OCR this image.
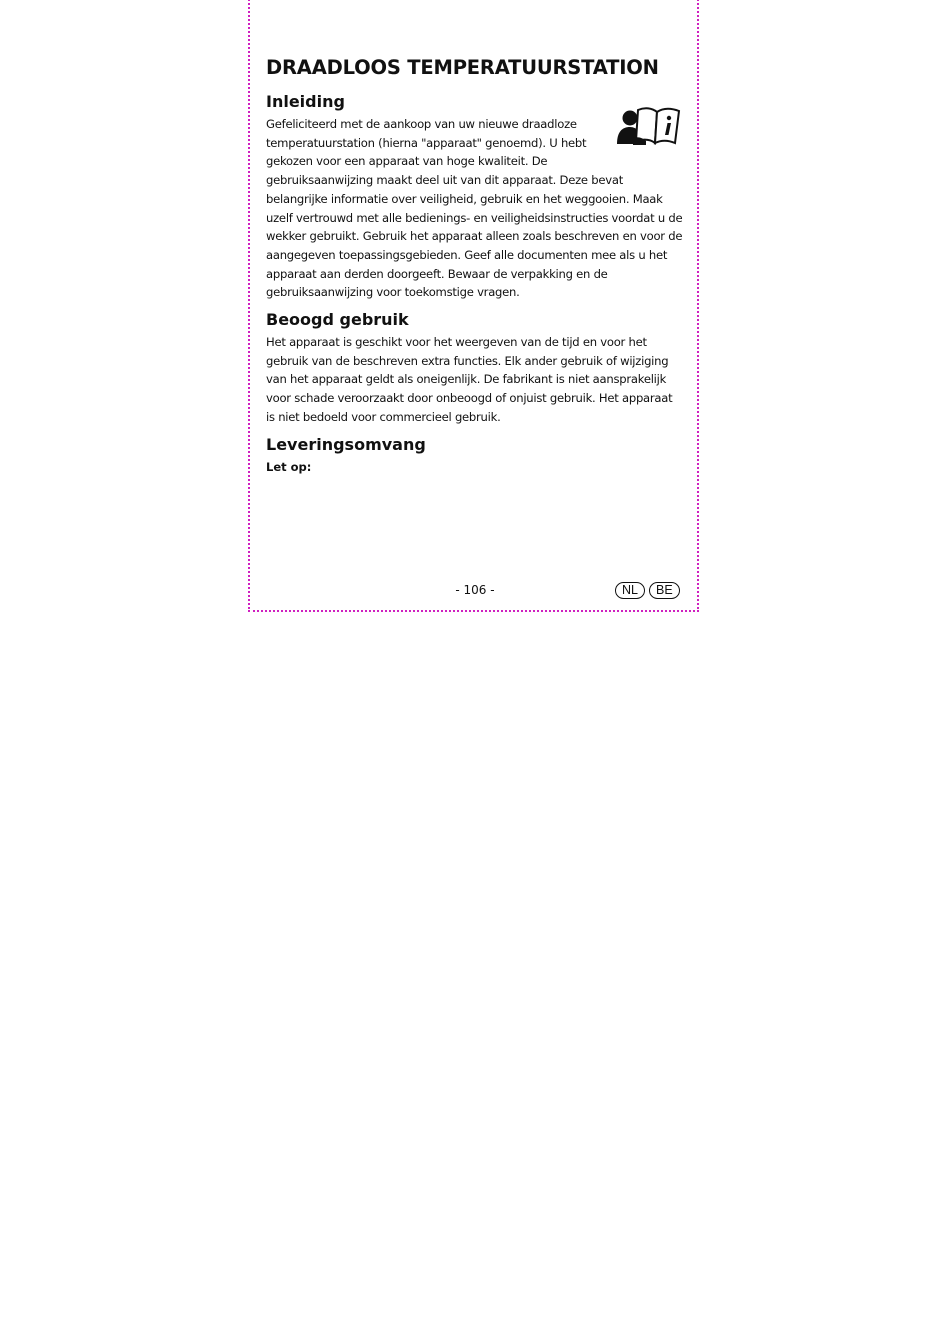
DRAADLOOS TEMPERATUURSTATION
Inleiding

Gefeliciteerd met de aankoop van uw nieuwe draadloze temperatuurstation (hierna "apparaat" genoemd). U hebt gekozen voor een apparaat van hoge kwaliteit. De gebruiksaanwijzing maakt deel uit van dit apparaat. Deze bevat belangrijke informatie over veiligheid, gebruik en het weggooien. Maak uzelf vertrouwd met alle bedienings- en veiligheidsinstructies voordat u de wekker gebruikt. Gebruik het apparaat alleen zoals beschreven en voor de aangegeven toepassingsgebieden. Geef alle documenten mee als u het apparaat aan derden doorgeeft. Bewaar de verpakking en de gebruiksaanwijzing voor toekomstige vragen.

Beoogd gebruik

Het apparaat is geschikt voor het weergeven van de tijd en voor het gebruik van de beschreven extra functies. Elk ander gebruik of wijziging van het apparaat geldt als oneigenlijk. De fabrikant is niet aansprakelijk voor schade veroorzaakt door onbeoogd of onjuist gebruik. Het apparaat is niet bedoeld voor commercieel gebruik.

Leveringsomvang

Let op:

- 106 -	NL	BE
